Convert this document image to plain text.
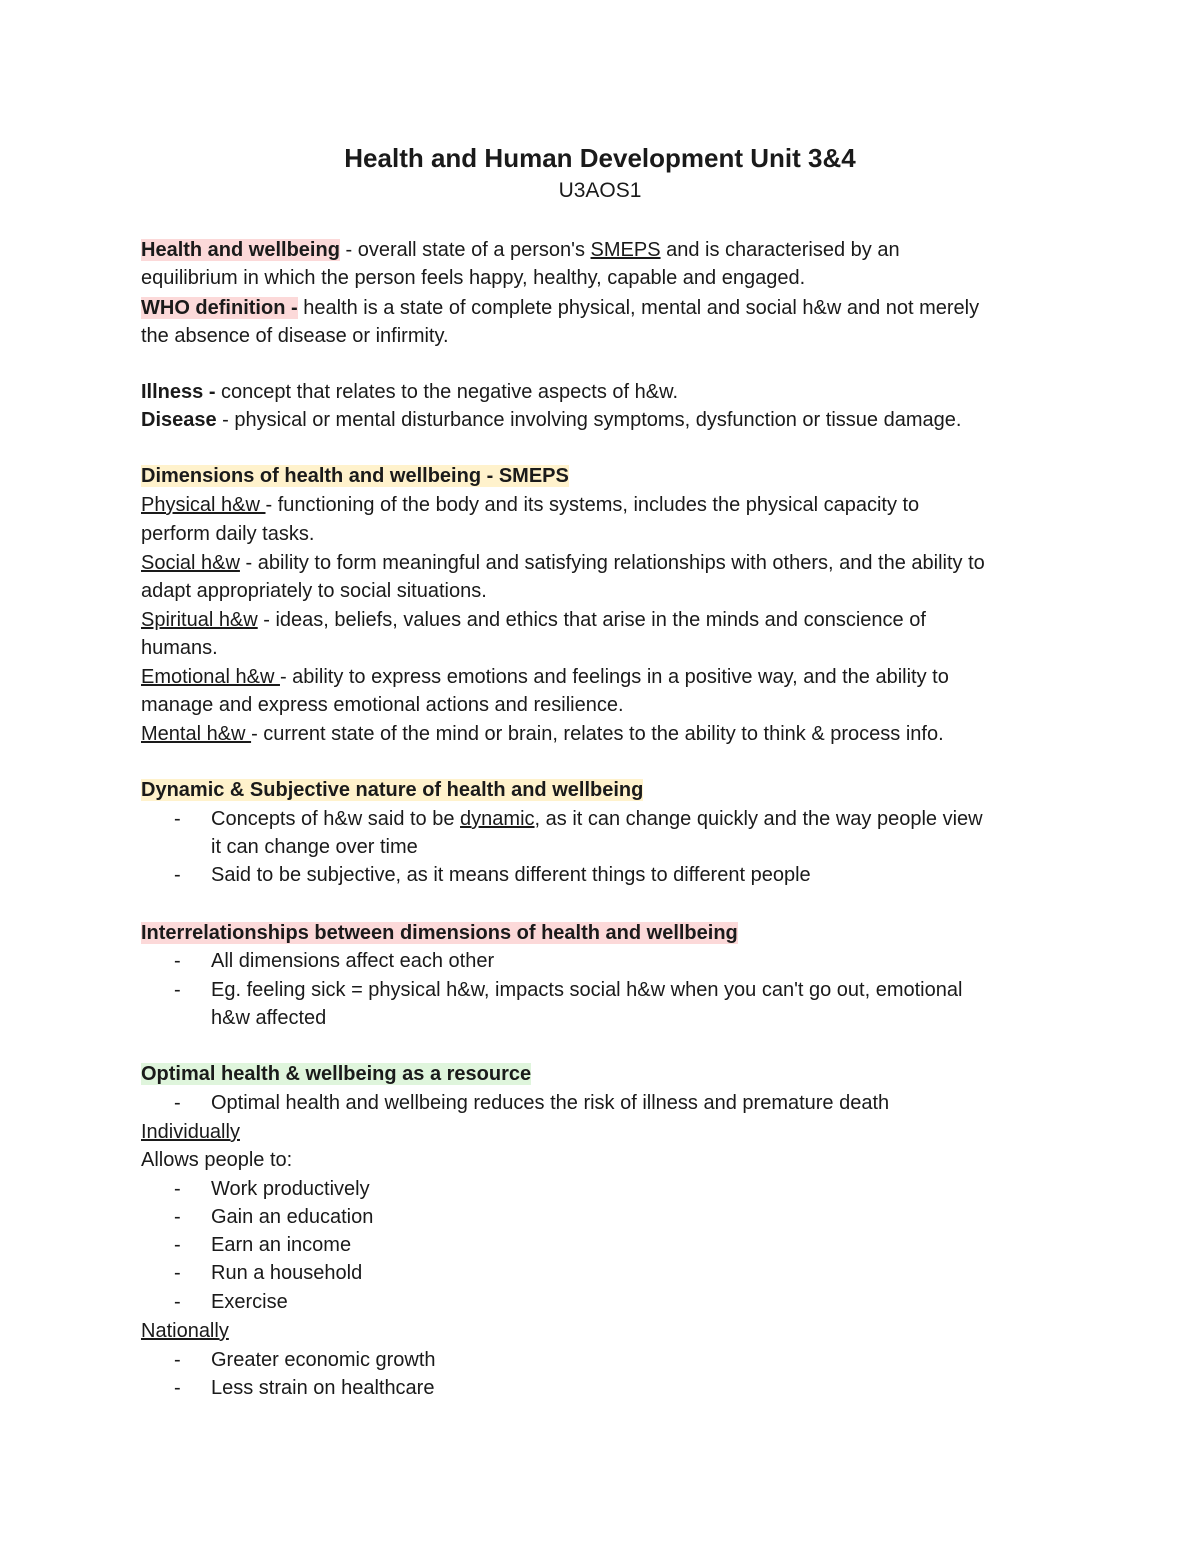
Health and Human Development Unit 3&4
U3AOS1
Health and wellbeing - overall state of a person's SMEPS and is characterised by an
equilibrium in which the person feels happy, healthy, capable and engaged.
WHO definition - health is a state of complete physical, mental and social h&w and not merely
the absence of disease or infirmity.
Illness - concept that relates to the negative aspects of h&w.
Disease - physical or mental disturbance involving symptoms, dysfunction or tissue damage.
Dimensions of health and wellbeing - SMEPS
Physical h&w - functioning of the body and its systems, includes the physical capacity to
perform daily tasks.
Social h&w - ability to form meaningful and satisfying relationships with others, and the ability to
adapt appropriately to social situations.
Spiritual h&w - ideas, beliefs, values and ethics that arise in the minds and conscience of
humans.
Emotional h&w - ability to express emotions and feelings in a positive way, and the ability to
manage and express emotional actions and resilience.
Mental h&w - current state of the mind or brain, relates to the ability to think & process info.
Dynamic & Subjective nature of health and wellbeing
- Concepts of h&w said to be dynamic, as it can change quickly and the way people view
it can change over time
- Said to be subjective, as it means different things to different people
Interrelationships between dimensions of health and wellbeing
- All dimensions affect each other
- Eg. feeling sick = physical h&w, impacts social h&w when you can't go out, emotional
h&w affected
Optimal health & wellbeing as a resource
- Optimal health and wellbeing reduces the risk of illness and premature death
Individually
Allows people to:
- Work productively
- Gain an education
- Earn an income
- Run a household
- Exercise
Nationally
- Greater economic growth
- Less strain on healthcare
